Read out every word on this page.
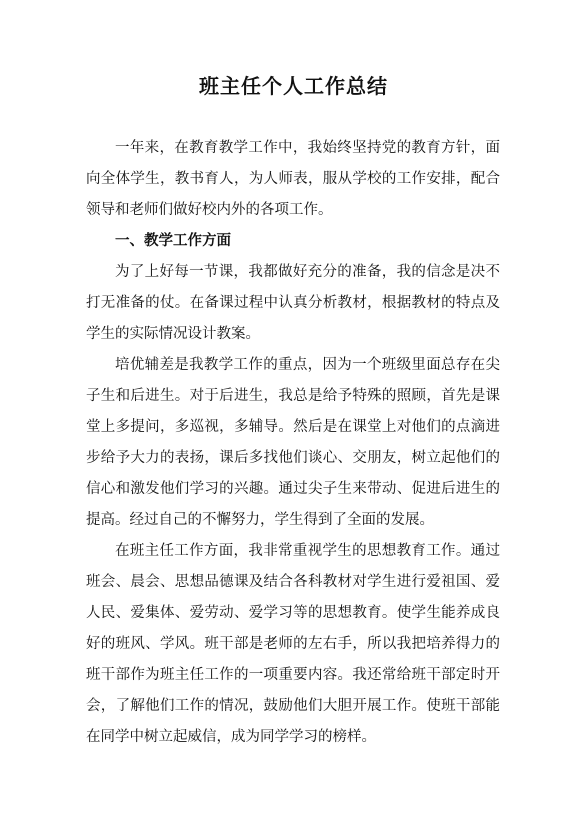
班主任个人工作总结

一年来，在教育教学工作中，我始终坚持党的教育方针，面向全体学生，教书育人，为人师表，服从学校的工作安排，配合领导和老师们做好校内外的各项工作。

一、教学工作方面

为了上好每一节课，我都做好充分的准备，我的信念是决不打无准备的仗。在备课过程中认真分析教材，根据教材的特点及学生的实际情况设计教案。

培优辅差是我教学工作的重点，因为一个班级里面总存在尖子生和后进生。对于后进生，我总是给予特殊的照顾，首先是课堂上多提问，多巡视，多辅导。然后是在课堂上对他们的点滴进步给予大力的表扬，课后多找他们谈心、交朋友，树立起他们的信心和激发他们学习的兴趣。通过尖子生来带动、促进后进生的提高。经过自己的不懈努力，学生得到了全面的发展。

在班主任工作方面，我非常重视学生的思想教育工作。通过班会、晨会、思想品德课及结合各科教材对学生进行爱祖国、爱人民、爱集体、爱劳动、爱学习等的思想教育。使学生能养成良好的班风、学风。班干部是老师的左右手，所以我把培养得力的班干部作为班主任工作的一项重要内容。我还常给班干部定时开会，了解他们工作的情况，鼓励他们大胆开展工作。使班干部能在同学中树立起威信，成为同学学习的榜样。
